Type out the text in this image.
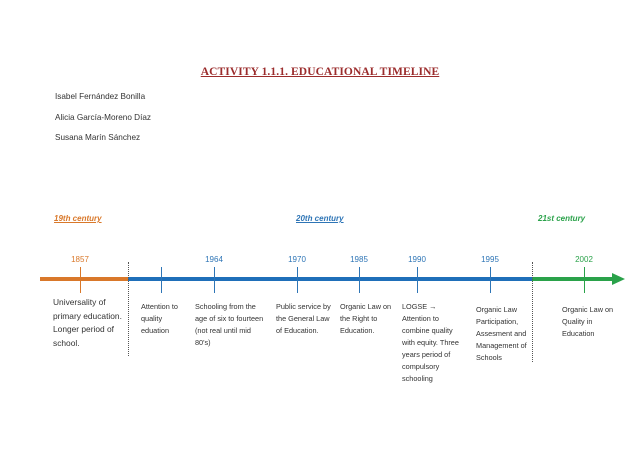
ACTIVITY 1.1.1. EDUCATIONAL TIMELINE
Isabel Fernández Bonilla
Alicia García-Moreno Díaz
Susana Marín Sánchez
19th century	20th century	21st century
1857	1964	1970	1985	1990	1995	2002
Universality of primary education. Longer period of school.
Attention to quality eduation
Schooling from the age of six to fourteen (not real until mid 80's)
Public service by the General Law of Education.
Organic Law on the Right to Education.
LOGSE → Attention to combine quality with equity. Three years period of compulsory schooling
Organic Law Participation, Assesment and Management of Schools
Organic Law on Quality in Education
